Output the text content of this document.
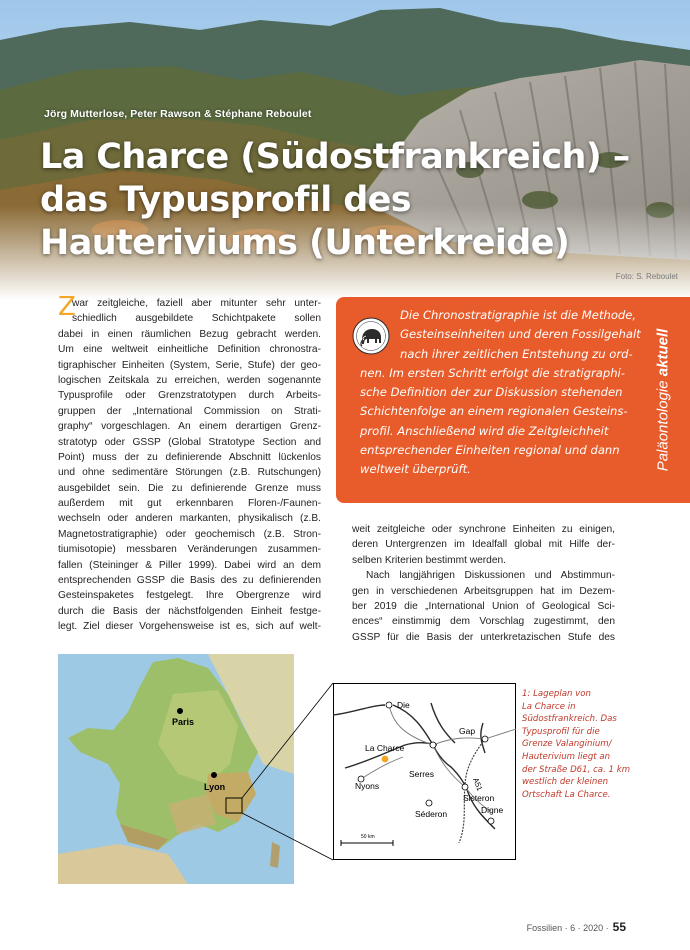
Jörg Mutterlose, Peter Rawson & Stéphane Reboulet
La Charce (Südostfrankreich) –
das Typusprofil des
Hauteriviums (Unterkreide)
Foto: S. Reboulet
Z
war zeitgleiche, faziell aber mitunter sehr unter-
schiedlich ausgebildete Schichtpakete sollen
dabei in einen räumlichen Bezug gebracht werden.
Um eine weltweit einheitliche Definition chronostra-
tigraphischer Einheiten (System, Serie, Stufe) der geo-
logischen Zeitskala zu erreichen, werden sogenannte
Typusprofile oder Grenzstratotypen durch Arbeits-
gruppen der „International Commission on Strati-
graphy“ vorgeschlagen. An einem derartigen Grenz-
stratotyp oder GSSP (Global Stratotype Section and
Point) muss der zu definierende Abschnitt lückenlos
und ohne sedimentäre Störungen (z.B. Rutschungen)
ausgebildet sein. Die zu definierende Grenze muss
außerdem mit gut erkennbaren Floren-/Faunen-
wechseln oder anderen markanten, physikalisch (z.B.
Magnetostratigraphie) oder geochemisch (z.B. Stron-
tiumisotopie) messbaren Veränderungen zusammen-
fallen (Steininger & Piller 1999). Dabei wird an dem
entsprechenden GSSP die Basis des zu definierenden
Gesteinspaketes festgelegt. Ihre Obergrenze wird
durch die Basis der nächstfolgenden Einheit festge-
legt. Ziel dieser Vorgehensweise ist es, sich auf welt-
Paläontologie aktuell
Die Chronostratigraphie ist die Methode,
Gesteinseinheiten und deren Fossilgehalt
nach ihrer zeitlichen Entstehung zu ord-
nen. Im ersten Schritt erfolgt die stratigraphi-
sche Definition der zur Diskussion stehenden
Schichtenfolge an einem regionalen Gesteins-
profil. Anschließend wird die Zeitgleichheit
entsprechender Einheiten regional und dann
weltweit überprüft.
weit zeitgleiche oder synchrone Einheiten zu einigen,
deren Untergrenzen im Idealfall global mit Hilfe der-
selben Kriterien bestimmt werden.
Nach langjährigen Diskussionen und Abstimmun-
gen in verschiedenen Arbeitsgruppen hat im Dezem-
ber 2019 die „International Union of Geological Sci-
ences“ einstimmig dem Vorschlag zugestimmt, den
GSSP für die Basis der unterkretazischen Stufe des
Paris
Lyon
Die
La Charce
Gap
A51
Serres
Nyons
Sisteron
Digne
Séderon
50 km
1: Lageplan von
La Charce in
Südostfrankreich. Das
Typusprofil für die
Grenze Valanginium/
Hauterivium liegt an
der Straße D61, ca. 1 km
westlich der kleinen
Ortschaft La Charce.
Fossilien · 6 · 2020 · 55
